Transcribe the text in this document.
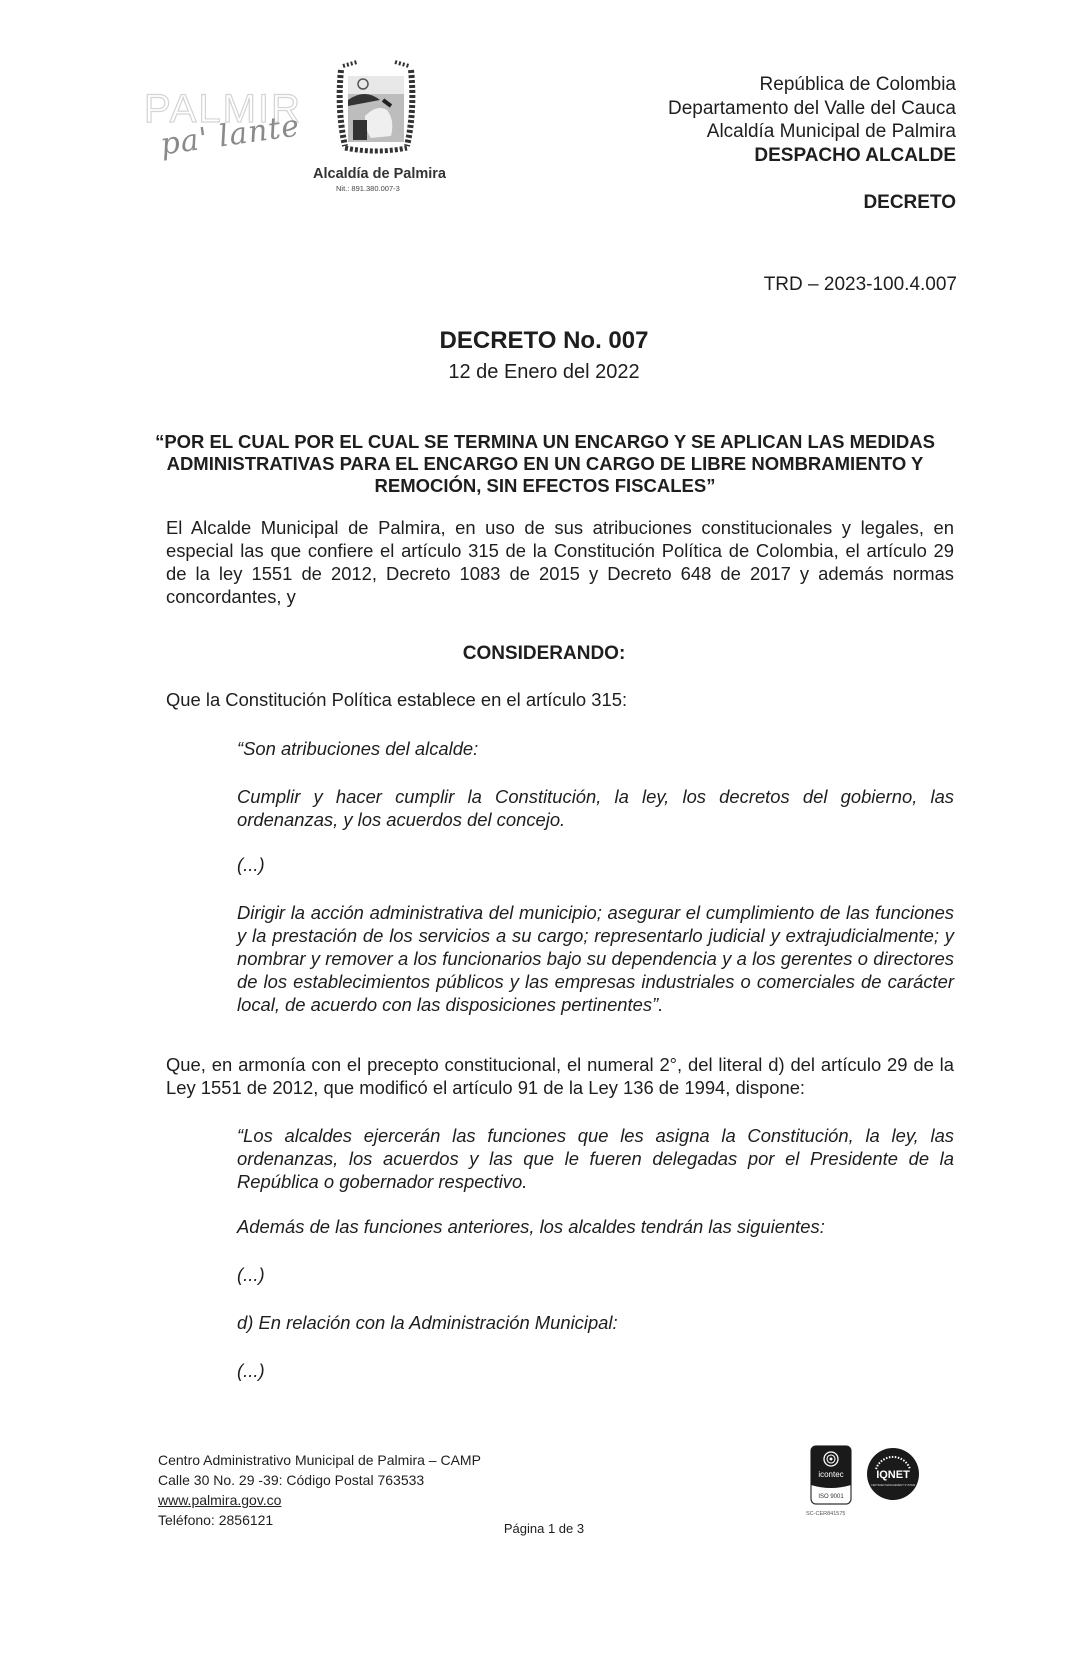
PALMIR
pa' lante
Alcaldía de Palmira
Nit.: 891.380.007-3
República de Colombia
Departamento del Valle del Cauca
Alcaldía Municipal de Palmira
DESPACHO ALCALDE
DECRETO
TRD – 2023-100.4.007
DECRETO No. 007
12 de Enero del 2022
“POR EL CUAL POR EL CUAL SE TERMINA UN ENCARGO Y SE APLICAN LAS MEDIDAS ADMINISTRATIVAS PARA EL ENCARGO EN UN CARGO DE LIBRE NOMBRAMIENTO Y REMOCIÓN, SIN EFECTOS FISCALES”
El Alcalde Municipal de Palmira, en uso de sus atribuciones constitucionales y legales, en especial las que confiere el artículo 315 de la Constitución Política de Colombia, el artículo 29 de la ley 1551 de 2012, Decreto 1083 de 2015 y Decreto 648 de 2017 y además normas concordantes, y
CONSIDERANDO:
Que la Constitución Política establece en el artículo 315:
“Son atribuciones del alcalde:
Cumplir y hacer cumplir la Constitución, la ley, los decretos del gobierno, las ordenanzas, y los acuerdos del concejo.
(...)
Dirigir la acción administrativa del municipio; asegurar el cumplimiento de las funciones y la prestación de los servicios a su cargo; representarlo judicial y extrajudicialmente; y nombrar y remover a los funcionarios bajo su dependencia y a los gerentes o directores de los establecimientos públicos y las empresas industriales o comerciales de carácter local, de acuerdo con las disposiciones pertinentes”.
Que, en armonía con el precepto constitucional, el numeral 2°, del literal d) del artículo 29 de la Ley 1551 de 2012, que modificó el artículo 91 de la Ley 136 de 1994, dispone:
“Los alcaldes ejercerán las funciones que les asigna la Constitución, la ley, las ordenanzas, los acuerdos y las que le fueren delegadas por el Presidente de la República o gobernador respectivo.
Además de las funciones anteriores, los alcaldes tendrán las siguientes:
(...)
d) En relación con la Administración Municipal:
(...)
Centro Administrativo Municipal de Palmira – CAMP
Calle 30 No. 29 -39: Código Postal 763533
www.palmira.gov.co
Teléfono: 2856121
icontec
ISO 9001
SC-CER841575
IQNET
CERTIFIED MANAGEMENT SYSTEM
Página 1 de 3
